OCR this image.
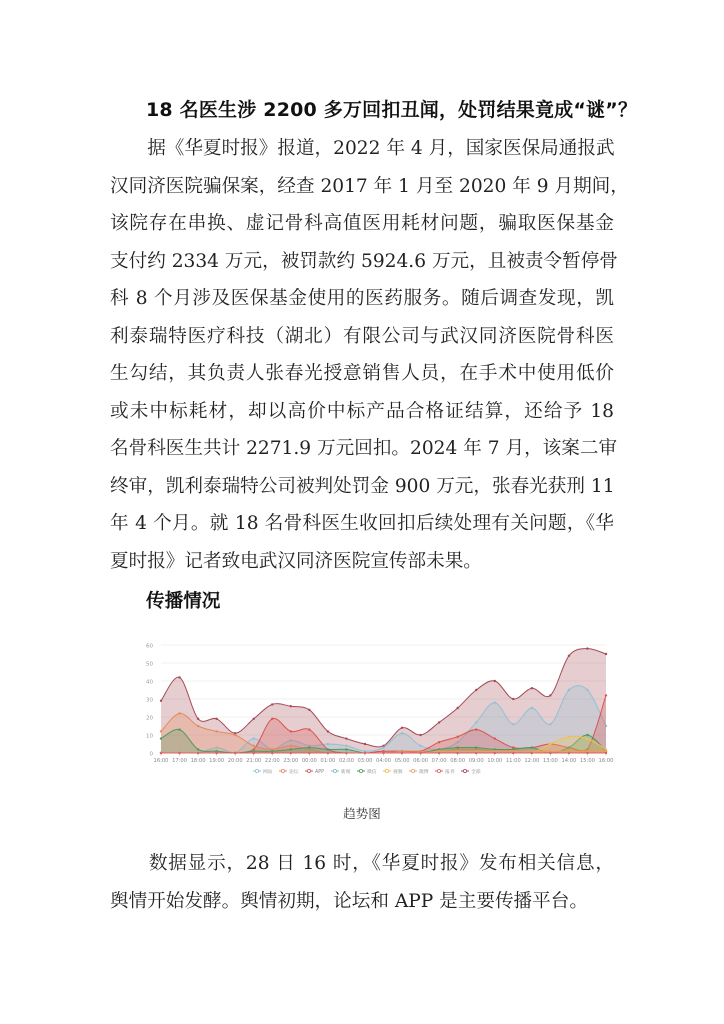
18 名医生涉 2200 多万回扣丑闻，处罚结果竟成“谜”？
　　据《华夏时报》报道，2022 年 4 月，国家医保局通报武
汉同济医院骗保案，经查 2017 年 1 月至 2020 年 9 月期间，
该院存在串换、虚记骨科高值医用耗材问题，骗取医保基金
支付约 2334 万元，被罚款约 5924.6 万元，且被责令暂停骨
科 8 个月涉及医保基金使用的医药服务。随后调查发现，凯
利泰瑞特医疗科技（湖北）有限公司与武汉同济医院骨科医
生勾结，其负责人张春光授意销售人员，在手术中使用低价
或未中标耗材，却以高价中标产品合格证结算，还给予 18
名骨科医生共计 2271.9 万元回扣。2024 年 7 月，该案二审
终审，凯利泰瑞特公司被判处罚金 900 万元，张春光获刑 11
年 4 个月。就 18 名骨科医生收回扣后续处理有关问题，《华
夏时报》记者致电武汉同济医院宣传部未果。
传播情况
0
10
20
30
40
50
60
16:00 17:00 18:00 19:00 20:00 21:00 22:00 23:00 00:00 01:00 02:00 03:00 04:00 05:00 06:00 07:00 08:00 09:00 10:00 11:00 12:00 13:00 14:00 15:00 16:00
网站	论坛	APP	新闻	微信	视频	微博	报刊	全部
趋势图
　　数据显示，28 日 16 时，《华夏时报》发布相关信息，
舆情开始发酵。舆情初期，论坛和 APP 是主要传播平台。
